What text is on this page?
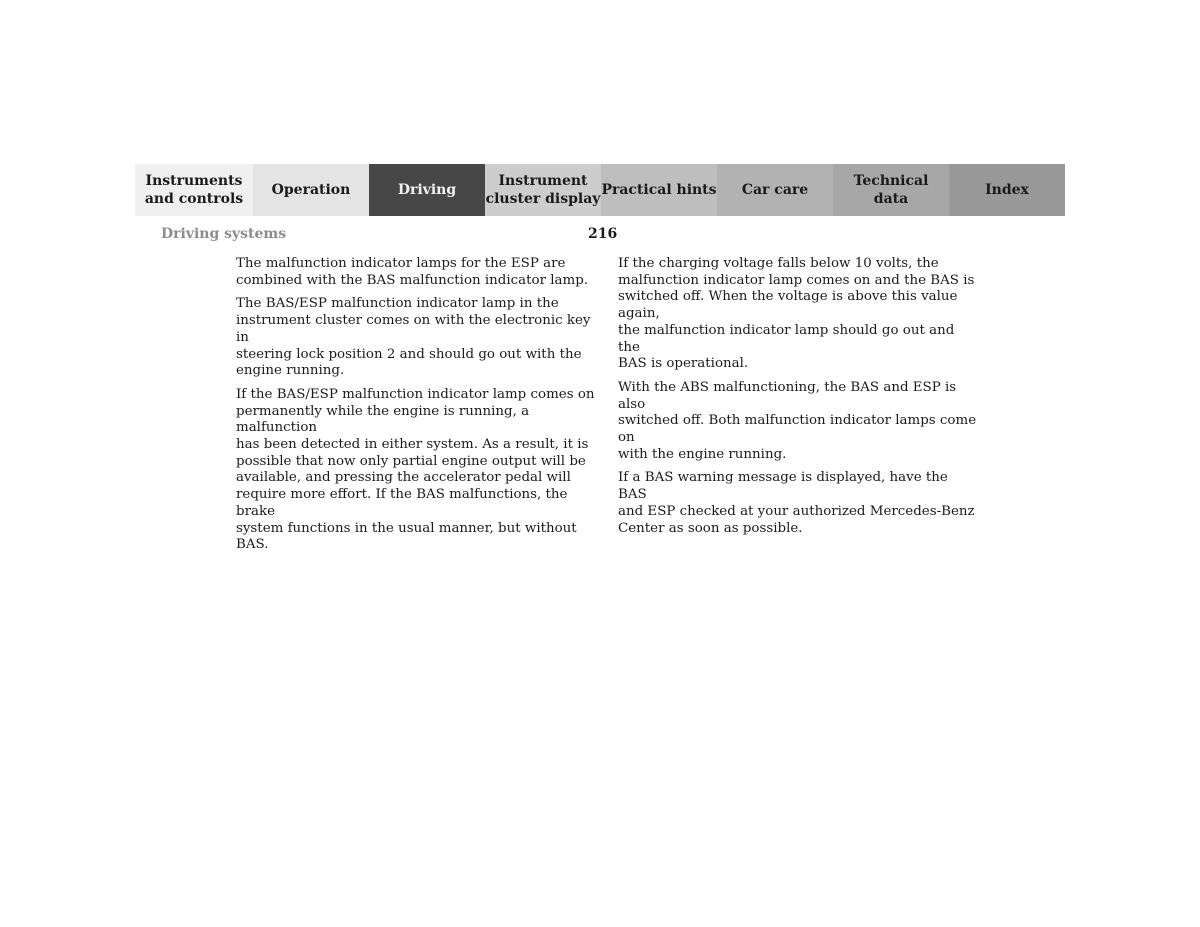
Instruments
and controls
Operation	Driving
Instrument
cluster display
Practical hints	Car care
Technical
data
Index
Driving systems	216

The malfunction indicator lamps for the ESP are
combined with the BAS malfunction indicator lamp.

The BAS/ESP malfunction indicator lamp in the
instrument cluster comes on with the electronic key in
steering lock position 2 and should go out with the
engine running.

If the BAS/ESP malfunction indicator lamp comes on
permanently while the engine is running, a malfunction
has been detected in either system. As a result, it is
possible that now only partial engine output will be
available, and pressing the accelerator pedal will
require more effort. If the BAS malfunctions, the brake
system functions in the usual manner, but without BAS.

If the charging voltage falls below 10 volts, the
malfunction indicator lamp comes on and the BAS is
switched off. When the voltage is above this value again,
the malfunction indicator lamp should go out and the
BAS is operational.

With the ABS malfunctioning, the BAS and ESP is also
switched off. Both malfunction indicator lamps come on
with the engine running.

If a BAS warning message is displayed, have the BAS
and ESP checked at your authorized Mercedes-Benz
Center as soon as possible.
